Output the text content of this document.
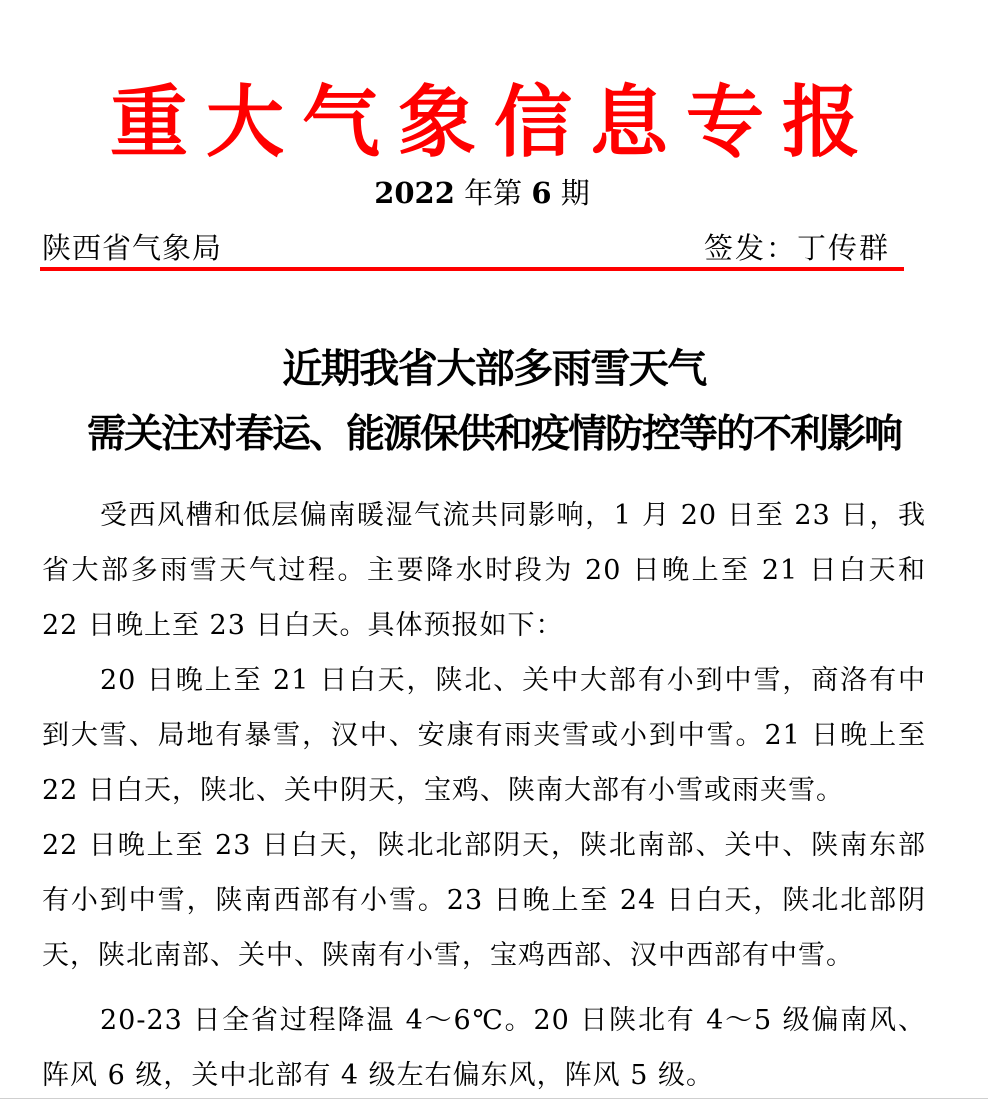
重大气象信息专报
2022 年第 6 期
陕西省气象局	签发：丁传群
近期我省大部多雨雪天气
需关注对春运、能源保供和疫情防控等的不利影响

受西风槽和低层偏南暖湿气流共同影响，1 月 20 日至 23 日，我省大部多雨雪天气过程。主要降水时段为 20 日晚上至 21 日白天和 22 日晚上至 23 日白天。具体预报如下：

20 日晚上至 21 日白天，陕北、关中大部有小到中雪，商洛有中到大雪、局地有暴雪，汉中、安康有雨夹雪或小到中雪。21 日晚上至 22 日白天，陕北、关中阴天，宝鸡、陕南大部有小雪或雨夹雪。

22 日晚上至 23 日白天，陕北北部阴天，陕北南部、关中、陕南东部有小到中雪，陕南西部有小雪。23 日晚上至 24 日白天，陕北北部阴天，陕北南部、关中、陕南有小雪，宝鸡西部、汉中西部有中雪。

20-23 日全省过程降温 4～6℃。20 日陕北有 4～5 级偏南风、阵风 6 级，关中北部有 4 级左右偏东风，阵风 5 级。
